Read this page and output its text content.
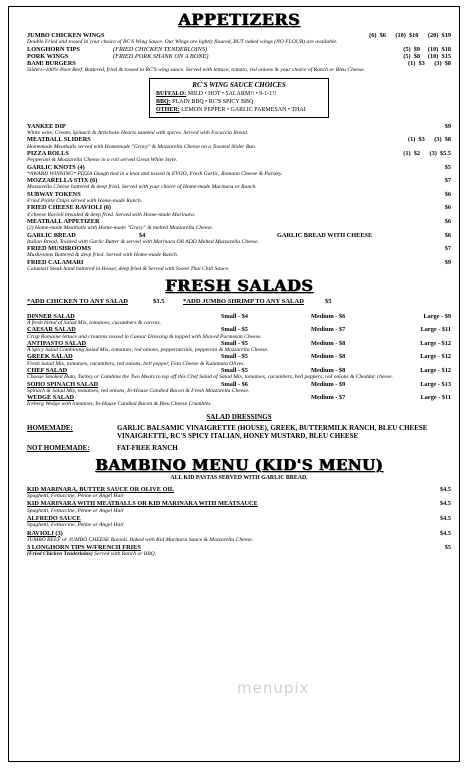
APPETIZERS
JUMBO CHICKEN WINGS	(6)  $6      (10)  $10      (20)  $19
Double Fried and tossed in your choice of RC'S Wing Sauce. Our Wings are lightly floured, BUT naked wings (NO FLOUR) are available.
LONGHORN TIPS	(FRIED CHICKEN TENDERLOINS)	(5)  $9     (10)  $18
PORK WINGS	(FRIED PORK SHANK ON A BONE)	(5)  $8     (10)  $15
BAM! BURGERS	(1)  $3      (3)  $8
Sliders~100% Pure Beef. Battered, fried & tossed in RC'S wing sauce. Served with lettuce, tomato, red onions & your choice of Ranch or Bleu Cheese.
RC'S WING SAUCE CHOICES
BUFFALO: MILD • HOT • 5ALARM!! • 9-1-1!!
BBQ: PLAIN BBQ • RC'S SPICY BBQ
OTHER: LEMON PEPPER • GARLIC PARMESAN • THAI
YANKEE DIP	$9
White wine, Cream, Spinach & Artichoke Hearts sautéed with spices. Served with Focaccia Bread.
MEATBALL SLIDERS	(1)  $3      (3)  $8
Homemade Meatballs served with Homemade "Gravy" & Mozzarella Cheese on a Toasted Slider Bun.
PIZZA ROLLS	(1)  $2      (3)  $5.5
Pepperoni & Mozzarella Cheese in a roll served Great White Style.
GARLIC KNOTS (4)	$5
*AWARD WINNING* PIZZA Dough tied in a knot and tossed in EVOO, Fresh Garlic, Romano Cheese & Parsley.
MOZZARELLA STIX (6)	$7
Mozzarella Cheese battered & deep fried. Served with your choice of Home-made Marinara or Ranch.
SUBWAY TOKENS	$6
Fried Pickle Chips served with Home-made Ranch.
FRIED CHEESE RAVIOLI (6)	$6
4 cheese Ravioli breaded & deep fried. Served with Home-made Marinara.
MEATBALL APPETIZER	$6
(2) Home-made Meatballs with Home-made "Gravy" & melted Mozzarella Cheese.
GARLIC BREAD	$4	GARLIC BREAD WITH CHEESE	$6
Italian Bread, Toasted with Garlic Butter & served with Marinara OR ADD Melted Mozzarella Cheese.
FRIED MUSHROOMS	$7
Mushrooms Battered & deep fried. Served with Home-made Ranch.
FRIED CALAMARI	$9
Calamari Steak hand battered in House, deep fried & Served with Sweet Thai Chili Sauce.
FRESH SALADS
*ADD CHICKEN TO ANY SALAD	$3.5	*ADD JUMBO SHRIMP TO ANY SALAD	$5
DINNER SALAD	Small - $4	Medium - $6	Large - $9
A fresh blend of Salad Mix, tomatoes, cucumbers & carrots.
CAESAR SALAD	Small - $5	Medium - $7	Large - $11
Crisp Romaine lettuce and croutons tossed in Caesar Dressing & topped with Shaved Parmesan Cheese.
ANTIPASTO SALAD	Small - $5	Medium - $8	Large - $12
A Spicy Salad Combining Salad Mix, tomatoes, red onions, pepperoncinis, pepperoni & Mozzarella Cheese.
GREEK SALAD	Small - $5	Medium - $8	Large - $12
Fresh Salad Mix, tomatoes, cucumbers, red onions, bell pepper, Feta Cheese & Kalamata Olives.
CHEF SALAD	Small - $5	Medium - $8	Large - $12
Choose Smoked Ham, Turkey or Combine the Two Meats to top off this Chef Salad of Salad Mix, tomatoes, cucumbers, bell peppers, red onions & Cheddar cheese.
SOHO SPINACH SALAD	Small - $6	Medium - $9	Large - $13
Spinach & Salad Mix, tomatoes, red onions, In-House Candied Bacon & Fresh Mozzarella Cheese.
WEDGE SALAD	Medium - $7	Large - $11
Iceberg Wedge with tomatoes, In-House Candied Bacon & Bleu Cheese Crumbles.
SALAD DRESSINGS
HOMEMADE:	GARLIC BALSAMIC VINAIGRETTE (HOUSE), GREEK, BUTTERMILK RANCH, BLEU CHEESE VINAIGRETTE, RC'S SPICY ITALIAN, HONEY MUSTARD, BLEU CHEESE
NOT HOMEMADE:	FAT-FREE RANCH
BAMBINO MENU (KID'S MENU)
ALL KID PASTAS SERVED WITH GARLIC BREAD.
KID MARINARA, BUTTER SAUCE OR OLIVE OIL	$4.5
Spaghetti, Fettuccine, Penne or Angel Hair
KID MARINARA WITH MEATBALLS OR KID MARINARA WITH MEATSAUCE	$4.5
Spaghetti, Fettuccine, Penne or Angel Hair
ALFREDO SAUCE	$4.5
Spaghetti, Fettuccine, Penne or Angel Hair
RAVIOLI (3)	$4.5
JUMBO BEEF or JUMBO CHEESE Ravioli. Baked with Kid Marinara Sauce & Mozzarella Cheese.
3 LONGHORN TIPS W/FRENCH FRIES	$5
(Fried Chicken Tenderloins) Served with Ranch or BBQ.
menupix
